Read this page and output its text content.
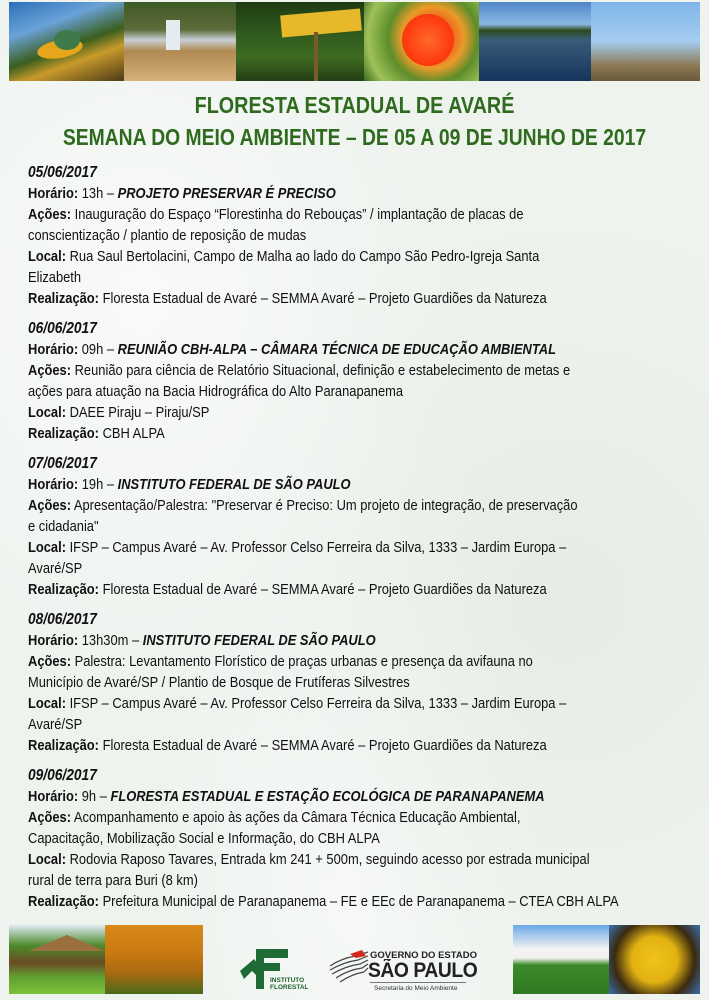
FLORESTA ESTADUAL DE AVARÉ
SEMANA DO MEIO AMBIENTE – DE 05 A 09 DE JUNHO DE 2017
05/06/2017
Horário: 13h – PROJETO PRESERVAR É PRECISO
Ações: Inauguração do Espaço “Florestinha do Rebouças” / implantação de placas de
conscientização / plantio de reposição de mudas
Local: Rua Saul Bertolacini, Campo de Malha ao lado do Campo São Pedro-Igreja Santa
Elizabeth
Realização: Floresta Estadual de Avaré – SEMMA Avaré – Projeto Guardiões da Natureza
06/06/2017
Horário: 09h – REUNIÃO CBH-ALPA – CÂMARA TÉCNICA DE EDUCAÇÃO AMBIENTAL
Ações: Reunião para ciência de Relatório Situacional, definição e estabelecimento de metas e
ações para atuação na Bacia Hidrográfica do Alto Paranapanema
Local: DAEE Piraju – Piraju/SP
Realização: CBH ALPA
07/06/2017
Horário: 19h – INSTITUTO FEDERAL DE SÃO PAULO
Ações: Apresentação/Palestra: "Preservar é Preciso: Um projeto de integração, de preservação
e cidadania"
Local: IFSP – Campus Avaré – Av. Professor Celso Ferreira da Silva, 1333 – Jardim Europa –
Avaré/SP
Realização: Floresta Estadual de Avaré – SEMMA Avaré – Projeto Guardiões da Natureza
08/06/2017
Horário: 13h30m – INSTITUTO FEDERAL DE SÃO PAULO
Ações: Palestra: Levantamento Florístico de praças urbanas e presença da avifauna no
Município de Avaré/SP / Plantio de Bosque de Frutíferas Silvestres
Local: IFSP – Campus Avaré – Av. Professor Celso Ferreira da Silva, 1333 – Jardim Europa –
Avaré/SP
Realização: Floresta Estadual de Avaré – SEMMA Avaré – Projeto Guardiões da Natureza
09/06/2017
Horário: 9h – FLORESTA ESTADUAL E ESTAÇÃO ECOLÓGICA DE PARANAPANEMA
Ações: Acompanhamento e apoio às ações da Câmara Técnica Educação Ambiental,
Capacitação, Mobilização Social e Informação, do CBH ALPA
Local: Rodovia Raposo Tavares, Entrada km 241 + 500m, seguindo acesso por estrada municipal
rural de terra para Buri (8 km)
Realização: Prefeitura Municipal de Paranapanema – FE e EEc de Paranapanema – CTEA CBH ALPA
INSTITUTO
FLORESTAL
GOVERNO DO ESTADO
SÃO PAULO
Secretaria do Meio Ambiente
